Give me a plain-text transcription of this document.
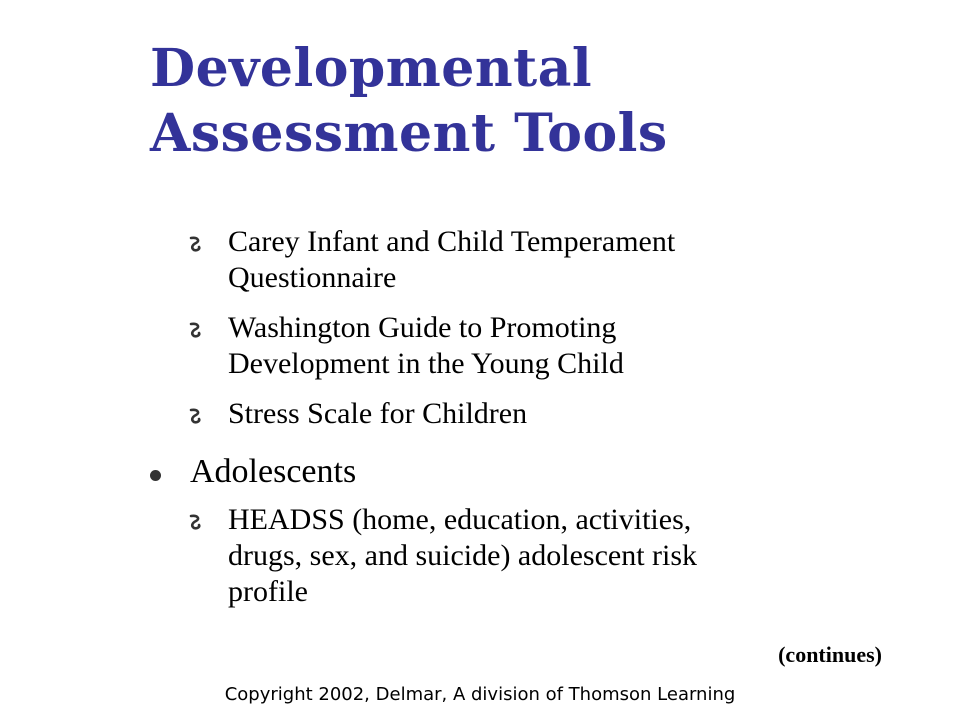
Developmental
Assessment Tools
Carey Infant and Child Temperament
Questionnaire
Washington Guide to Promoting
Development in the Young Child
Stress Scale for Children
Adolescents
HEADSS (home, education, activities,
drugs, sex, and suicide) adolescent risk
profile
(continues)
Copyright 2002, Delmar, A division of Thomson Learning
